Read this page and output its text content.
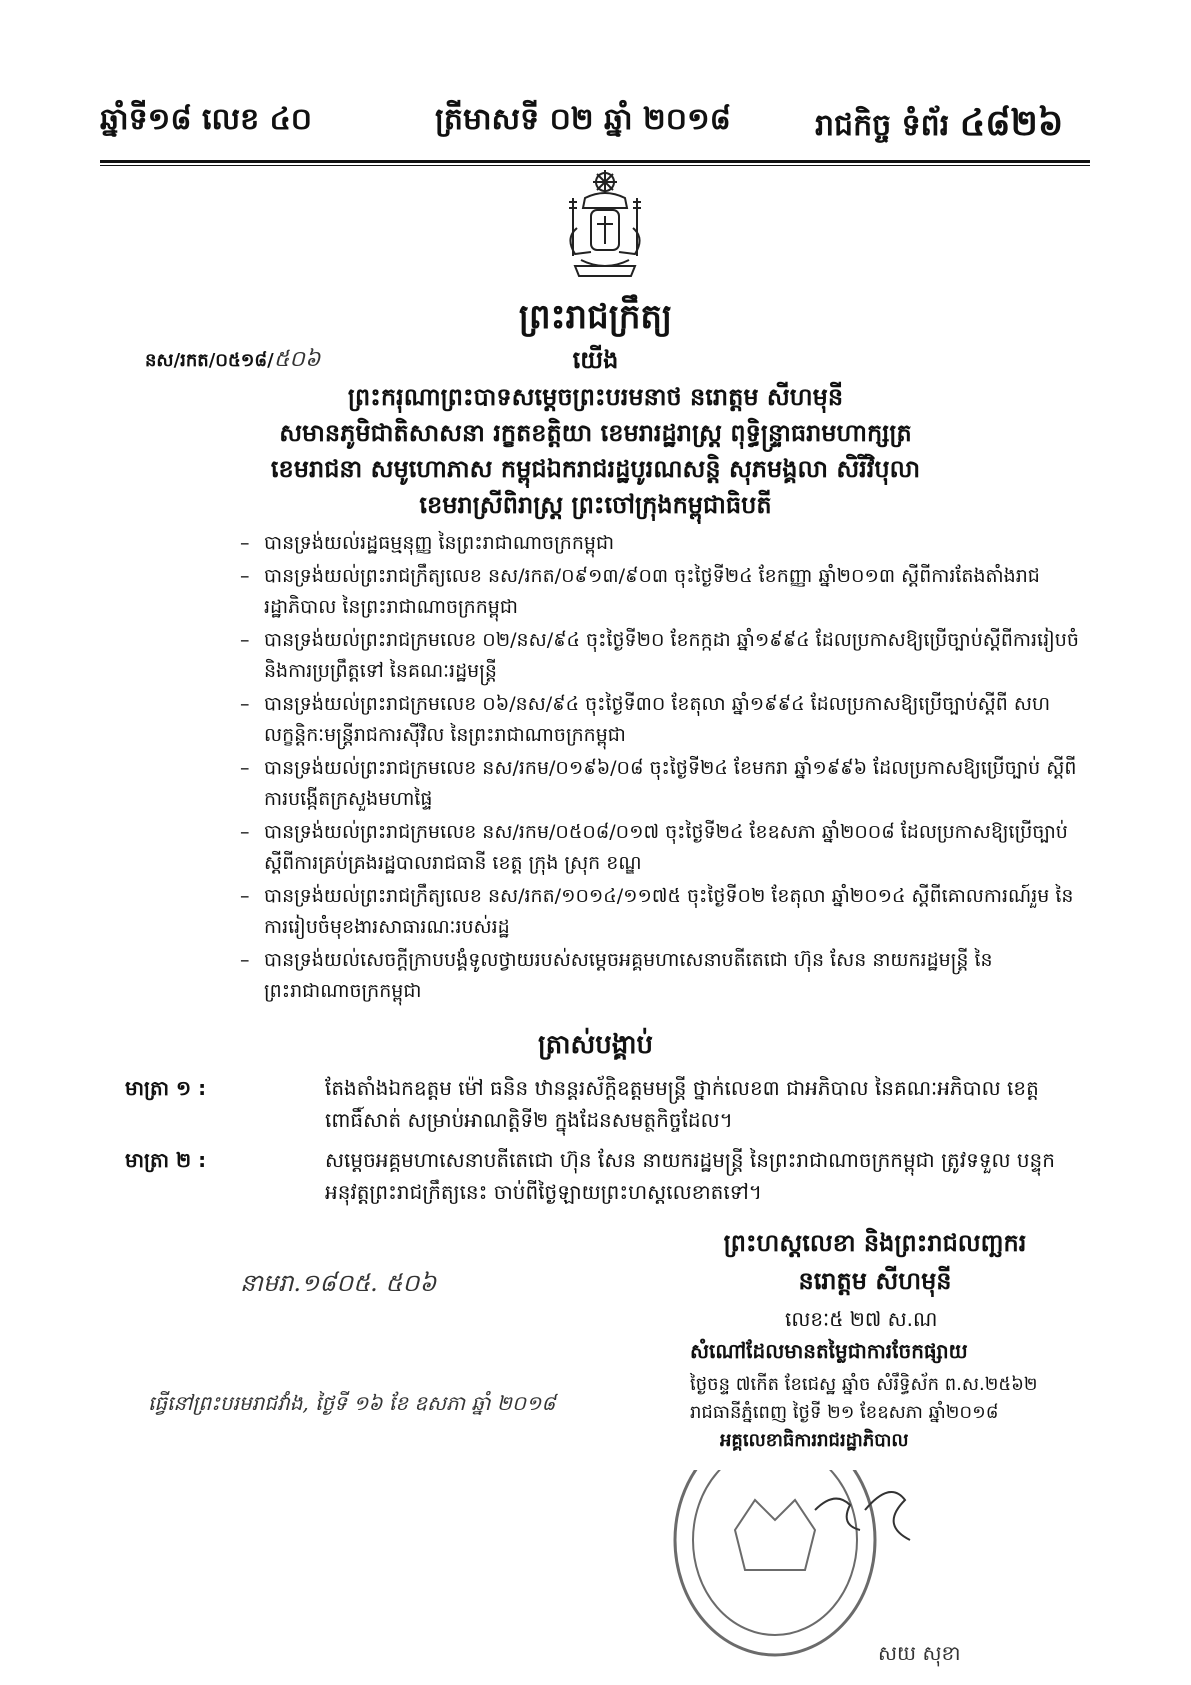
ឆ្នាំទី១៨ លេខ ៤០	ត្រីមាសទី ០២ ឆ្នាំ ២០១៨	រាជកិច្ច ទំព័រ ៤៨២៦
ព្រះរាជក្រឹត្យ
នស/រកត/០៥១៨/៥០៦	យើង
ព្រះករុណាព្រះបាទសម្តេចព្រះបរមនាថ នរោត្តម សីហមុនី
សមានភូមិជាតិសាសនា រក្ខតខត្តិយា ខេមរារដ្ឋរាស្ត្រ ពុទ្ធិន្ទ្រាធរាមហាក្សត្រ
ខេមរាជនា សមូហោភាស កម្ពុជឯករាជរដ្ឋបូរណសន្តិ សុភមង្គលា សិរីវិបុលា
ខេមរាស្រីពិរាស្ត្រ ព្រះចៅក្រុងកម្ពុជាធិបតី
– បានទ្រង់យល់រដ្ឋធម្មនុញ្ញ នៃព្រះរាជាណាចក្រកម្ពុជា
– បានទ្រង់យល់ព្រះរាជក្រឹត្យលេខ នស/រកត/០៩១៣/៩០៣ ចុះថ្ងៃទី២៤ ខែកញ្ញា ឆ្នាំ២០១៣ ស្តីពីការតែងតាំងរាជរដ្ឋាភិបាល នៃព្រះរាជាណាចក្រកម្ពុជា
– បានទ្រង់យល់ព្រះរាជក្រមលេខ ០២/នស/៩៤ ចុះថ្ងៃទី២០ ខែកក្កដា ឆ្នាំ១៩៩៤ ដែលប្រកាសឱ្យប្រើច្បាប់ស្តីពីការរៀបចំ និងការប្រព្រឹត្តទៅ នៃគណៈរដ្ឋមន្ត្រី
– បានទ្រង់យល់ព្រះរាជក្រមលេខ ០៦/នស/៩៤ ចុះថ្ងៃទី៣០ ខែតុលា ឆ្នាំ១៩៩៤ ដែលប្រកាសឱ្យប្រើច្បាប់ស្តីពី សហលក្ខន្តិកៈមន្ត្រីរាជការស៊ីវិល នៃព្រះរាជាណាចក្រកម្ពុជា
– បានទ្រង់យល់ព្រះរាជក្រមលេខ នស/រកម/០១៩៦/០៨ ចុះថ្ងៃទី២៤ ខែមករា ឆ្នាំ១៩៩៦ ដែលប្រកាសឱ្យប្រើច្បាប់ ស្តីពីការបង្កើតក្រសួងមហាផ្ទៃ
– បានទ្រង់យល់ព្រះរាជក្រមលេខ នស/រកម/០៥០៨/០១៧ ចុះថ្ងៃទី២៤ ខែឧសភា ឆ្នាំ២០០៨ ដែលប្រកាសឱ្យប្រើច្បាប់ ស្តីពីការគ្រប់គ្រងរដ្ឋបាលរាជធានី ខេត្ត ក្រុង ស្រុក ខណ្ឌ
– បានទ្រង់យល់ព្រះរាជក្រឹត្យលេខ នស/រកត/១០១៤/១១៧៥ ចុះថ្ងៃទី០២ ខែតុលា ឆ្នាំ២០១៤ ស្តីពីគោលការណ៍រួម នៃការរៀបចំមុខងារសាធារណៈរបស់រដ្ឋ
– បានទ្រង់យល់សេចក្តីក្រាបបង្គំទូលថ្វាយរបស់សម្តេចអគ្គមហាសេនាបតីតេជោ ហ៊ុន សែន នាយករដ្ឋមន្ត្រី នៃ ព្រះរាជាណាចក្រកម្ពុជា
ត្រាស់បង្គាប់
មាត្រា ១ :	តែងតាំងឯកឧត្តម ម៉ៅ ធនិន ឋានន្តរស័ក្តិឧត្តមមន្ត្រី ថ្នាក់លេខ៣ ជាអភិបាល នៃគណៈអភិបាល ខេត្តពោធិ៍សាត់ សម្រាប់អាណត្តិទី២ ក្នុងដែនសមត្ថកិច្ចដែល។
មាត្រា ២ :	សម្តេចអគ្គមហាសេនាបតីតេជោ ហ៊ុន សែន នាយករដ្ឋមន្ត្រី នៃព្រះរាជាណាចក្រកម្ពុជា ត្រូវទទួល បន្ទុកអនុវត្តព្រះរាជក្រឹត្យនេះ ចាប់ពីថ្ងៃឡាយព្រះហស្តលេខាតទៅ។
ព្រះហស្តលេខា និងព្រះរាជលញ្ឆករ
នរោត្តម សីហមុនី
នាមរា.១៨០៥. ៥០៦
លេខៈ៥ ២៧ ស.ណ
សំណៅដែលមានតម្លៃជាការចែកផ្សាយ
ថ្ងៃចន្ទ ៧កើត ខែជេស្ឋ ឆ្នាំច សំរឹទ្ធិស័ក ព.ស.២៥៦២
រាជធានីភ្នំពេញ ថ្ងៃទី ២១ ខែឧសភា ឆ្នាំ២០១៨
អគ្គលេខាធិការរាជរដ្ឋាភិបាល
ធ្វើនៅព្រះបរមរាជវាំង, ថ្ងៃទី ១៦ ខែ ឧសភា ឆ្នាំ ២០១៨
សយ សុខា
